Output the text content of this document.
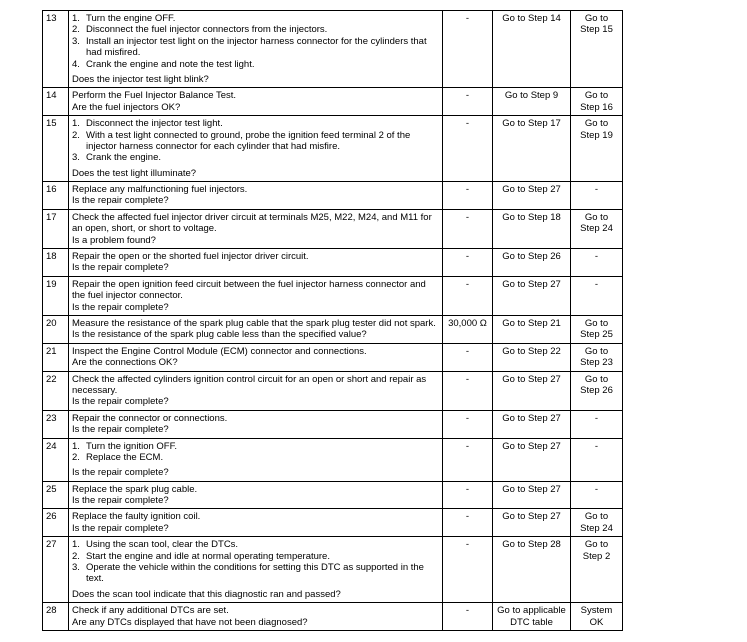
13	1. Turn the engine OFF.
2. Disconnect the fuel injector connectors from the injectors.
3. Install an injector test light on the injector harness connector for the cylinders that had misfired.
4. Crank the engine and note the test light.
Does the injector test light blink?	-	Go to Step 14	Go to Step 15
14	Perform the Fuel Injector Balance Test.
Are the fuel injectors OK?	-	Go to Step 9	Go to Step 16
15	1. Disconnect the injector test light.
2. With a test light connected to ground, probe the ignition feed terminal 2 of the injector harness connector for each cylinder that had misfire.
3. Crank the engine.
Does the test light illuminate?	-	Go to Step 17	Go to Step 19
16	Replace any malfunctioning fuel injectors.
Is the repair complete?	-	Go to Step 27	-
17	Check the affected fuel injector driver circuit at terminals M25, M22, M24, and M11 for an open, short, or short to voltage.
Is a problem found?	-	Go to Step 18	Go to Step 24
18	Repair the open or the shorted fuel injector driver circuit.
Is the repair complete?	-	Go to Step 26	-
19	Repair the open ignition feed circuit between the fuel injector harness connector and the fuel injector connector.
Is the repair complete?	-	Go to Step 27	-
20	Measure the resistance of the spark plug cable that the spark plug tester did not spark.
Is the resistance of the spark plug cable less than the specified value?	30,000 Ω	Go to Step 21	Go to Step 25
21	Inspect the Engine Control Module (ECM) connector and connections.
Are the connections OK?	-	Go to Step 22	Go to Step 23
22	Check the affected cylinders ignition control circuit for an open or short and repair as necessary.
Is the repair complete?	-	Go to Step 27	Go to Step 26
23	Repair the connector or connections.
Is the repair complete?	-	Go to Step 27	-
24	1. Turn the ignition OFF.
2. Replace the ECM.
Is the repair complete?	-	Go to Step 27	-
25	Replace the spark plug cable.
Is the repair complete?	-	Go to Step 27	-
26	Replace the faulty ignition coil.
Is the repair complete?	-	Go to Step 27	Go to Step 24
27	1. Using the scan tool, clear the DTCs.
2. Start the engine and idle at normal operating temperature.
3. Operate the vehicle within the conditions for setting this DTC as supported in the text.
Does the scan tool indicate that this diagnostic ran and passed?	-	Go to Step 28	Go to Step 2
28	Check if any additional DTCs are set.
Are any DTCs displayed that have not been diagnosed?	-	Go to applicable DTC table	System OK
